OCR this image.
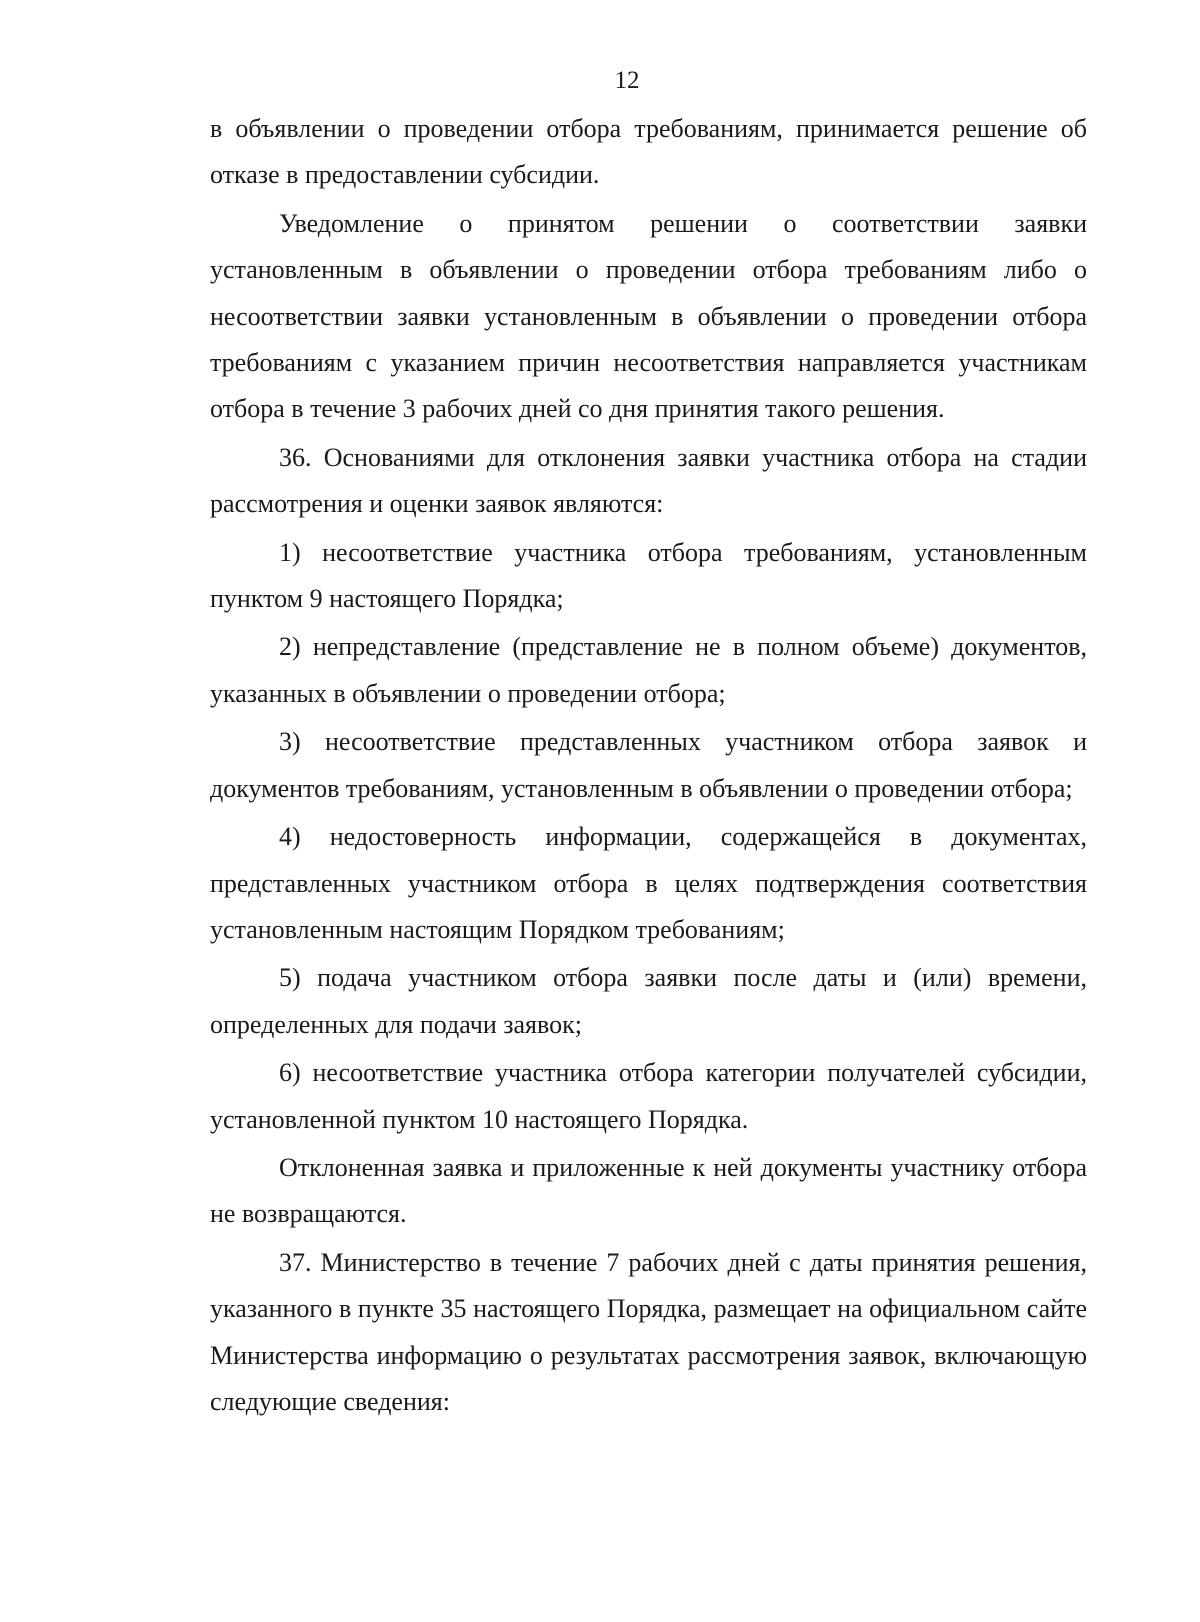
12

в объявлении о проведении отбора требованиям, принимается решение об отказе в предоставлении субсидии.

Уведомление о принятом решении о соответствии заявки установленным в объявлении о проведении отбора требованиям либо о несоответствии заявки установленным в объявлении о проведении отбора требованиям с указанием причин несоответствия направляется участникам отбора в течение 3 рабочих дней со дня принятия такого решения.

36. Основаниями для отклонения заявки участника отбора на стадии рассмотрения и оценки заявок являются:

1) несоответствие участника отбора требованиям, установленным пунктом 9 настоящего Порядка;

2) непредставление (представление не в полном объеме) документов, указанных в объявлении о проведении отбора;

3) несоответствие представленных участником отбора заявок и документов требованиям, установленным в объявлении о проведении отбора;

4) недостоверность информации, содержащейся в документах, представленных участником отбора в целях подтверждения соответствия установленным настоящим Порядком требованиям;

5) подача участником отбора заявки после даты и (или) времени, определенных для подачи заявок;

6) несоответствие участника отбора категории получателей субсидии, установленной пунктом 10 настоящего Порядка.

Отклоненная заявка и приложенные к ней документы участнику отбора не возвращаются.

37. Министерство в течение 7 рабочих дней с даты принятия решения, указанного в пункте 35 настоящего Порядка, размещает на официальном сайте Министерства информацию о результатах рассмотрения заявок, включающую следующие сведения:
